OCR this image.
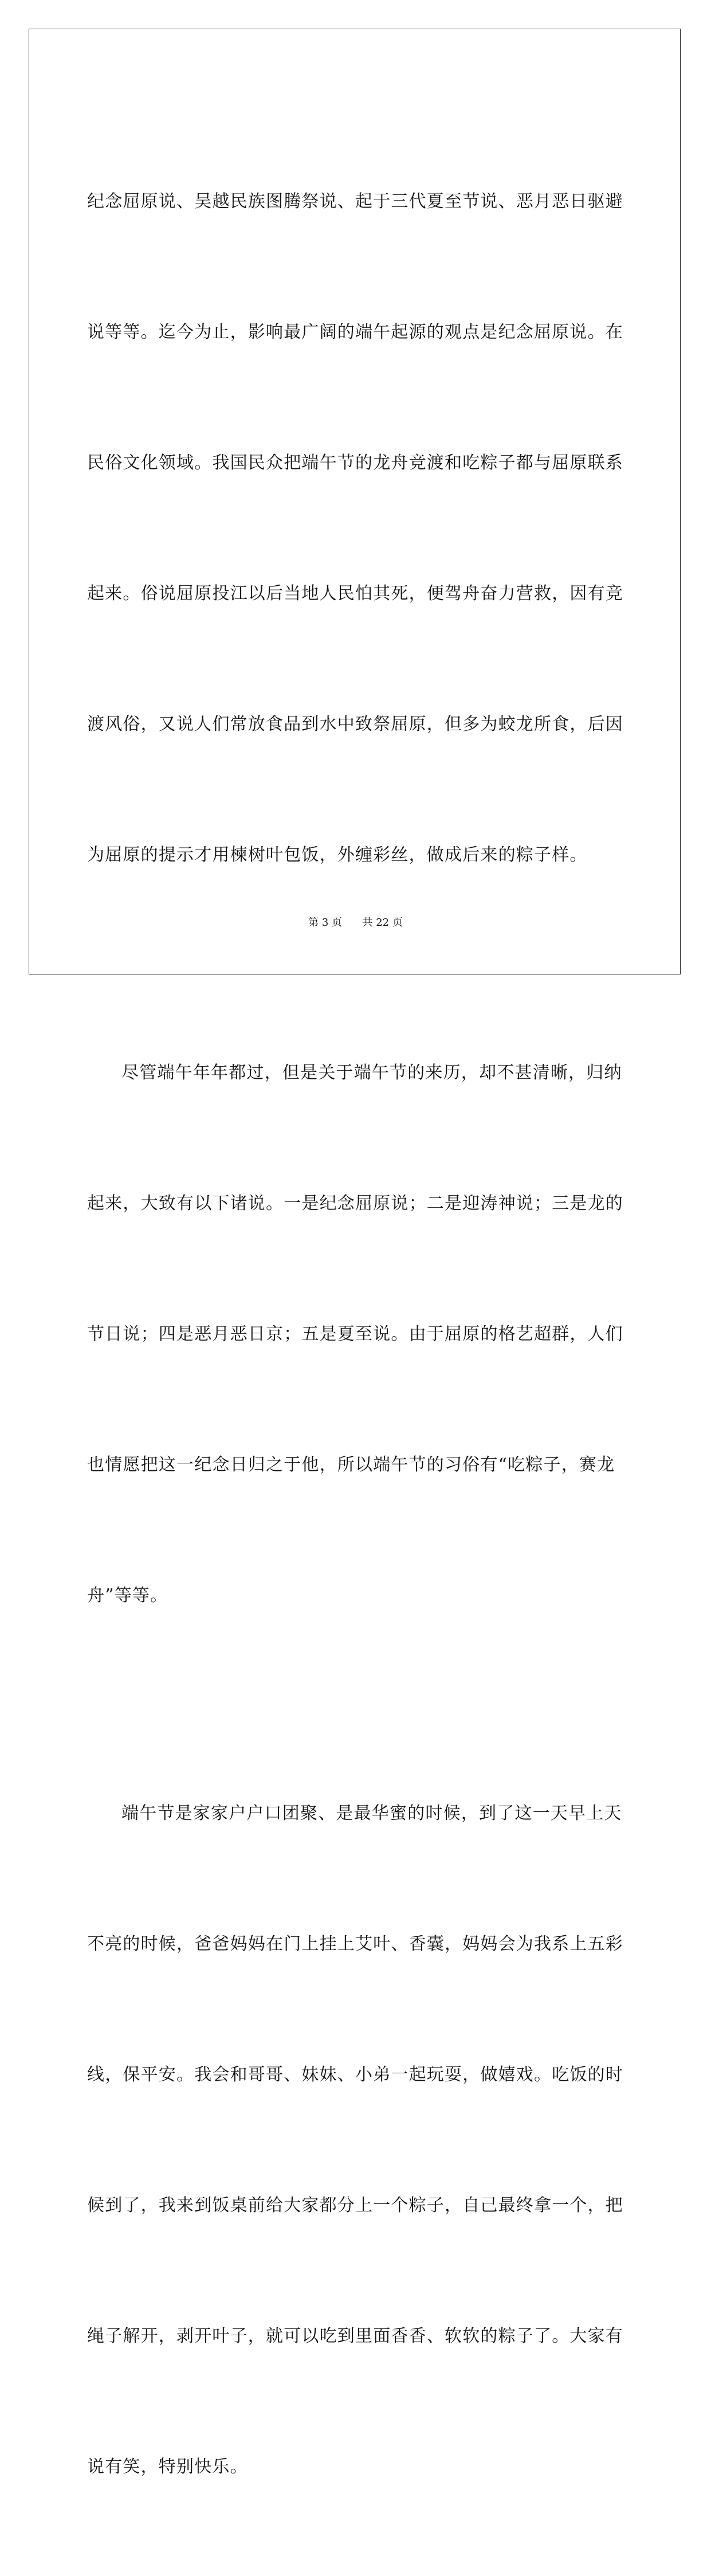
纪念屈原说、吴越民族图腾祭说、起于三代夏至节说、恶月恶日驱避

说等等。迄今为止，影响最广阔的端午起源的观点是纪念屈原说。在

民俗文化领域。我国民众把端午节的龙舟竞渡和吃粽子都与屈原联系

起来。俗说屈原投江以后当地人民怕其死，便驾舟奋力营救，因有竞

渡风俗，又说人们常放食品到水中致祭屈原，但多为蛟龙所食，后因

为屈原的提示才用楝树叶包饭，外缠彩丝，做成后来的粽子样。

尽管端午年年都过，但是关于端午节的来历，却不甚清晰，归纳

起来，大致有以下诸说。一是纪念屈原说；二是迎涛神说；三是龙的

节日说；四是恶月恶日京；五是夏至说。由于屈原的格艺超群，人们

也情愿把这一纪念日归之于他，所以端午节的习俗有“吃粽子，赛龙

舟”等等。

端午节是家家户户口团聚、是最华蜜的时候，到了这一天早上天

不亮的时候，爸爸妈妈在门上挂上艾叶、香囊，妈妈会为我系上五彩

线，保平安。我会和哥哥、妹妹、小弟一起玩耍，做嬉戏。吃饭的时

候到了，我来到饭桌前给大家都分上一个粽子，自己最终拿一个，把

绳子解开，剥开叶子，就可以吃到里面香香、软软的粽子了。大家有

说有笑，特别快乐。

第 3 页 共 22 页
